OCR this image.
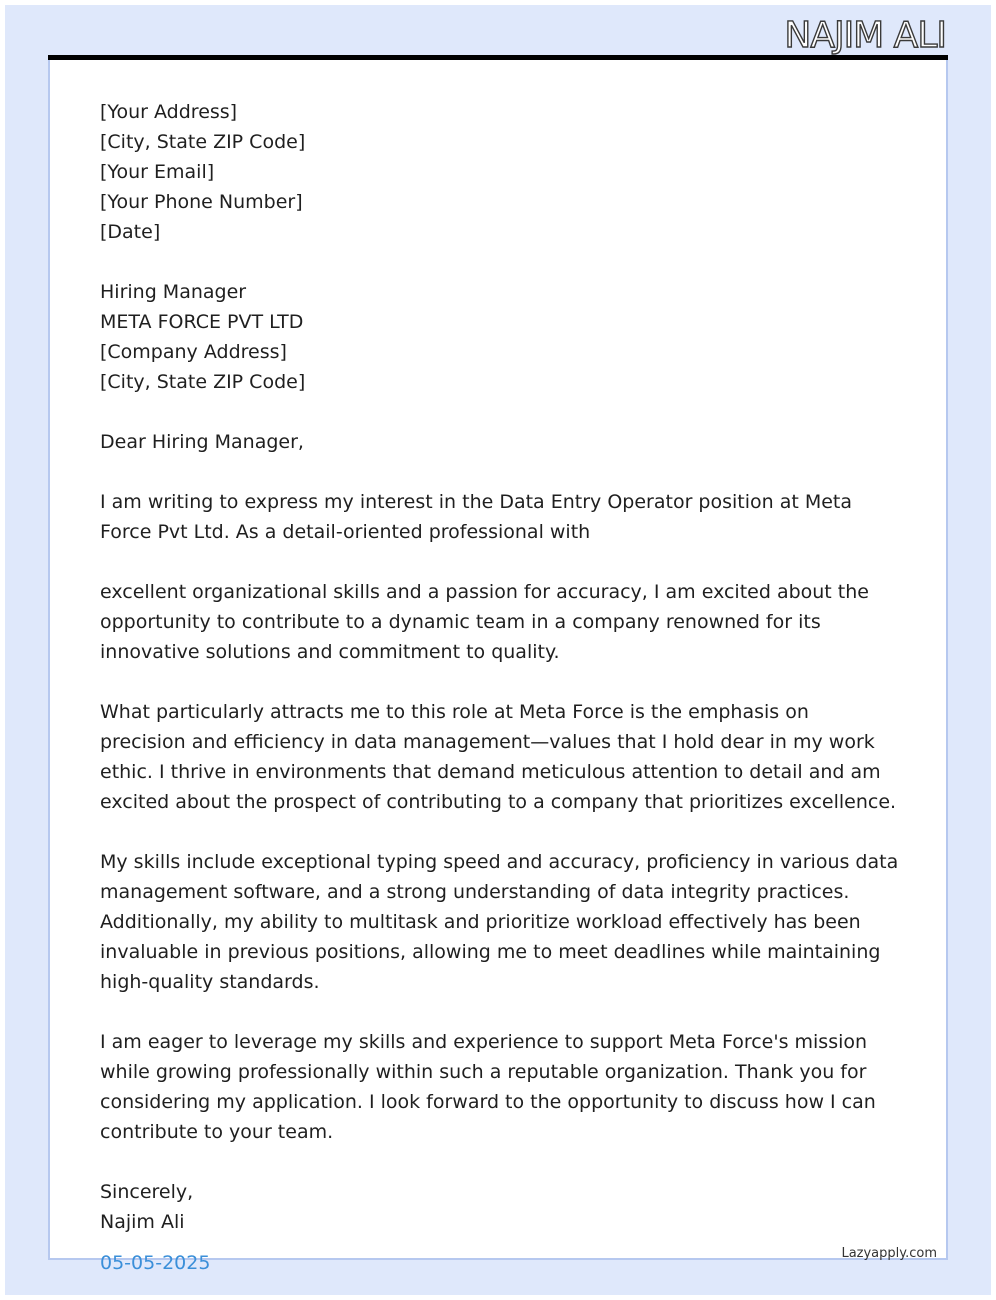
NAJIM ALI
[Your Address]
[City, State ZIP Code]
[Your Email]
[Your Phone Number]
[Date]
Hiring Manager
META FORCE PVT LTD
[Company Address]
[City, State ZIP Code]
Dear Hiring Manager,

I am writing to express my interest in the Data Entry Operator position at Meta Force Pvt Ltd. As a detail-oriented professional with

excellent organizational skills and a passion for accuracy, I am excited about the opportunity to contribute to a dynamic team in a company renowned for its innovative solutions and commitment to quality.

What particularly attracts me to this role at Meta Force is the emphasis on precision and efficiency in data management—values that I hold dear in my work ethic. I thrive in environments that demand meticulous attention to detail and am excited about the prospect of contributing to a company that prioritizes excellence.

My skills include exceptional typing speed and accuracy, proficiency in various data management software, and a strong understanding of data integrity practices. Additionally, my ability to multitask and prioritize workload effectively has been invaluable in previous positions, allowing me to meet deadlines while maintaining high-quality standards.

I am eager to leverage my skills and experience to support Meta Force's mission while growing professionally within such a reputable organization. Thank you for considering my application. I look forward to the opportunity to discuss how I can contribute to your team.

Sincerely,
Najim Ali
05-05-2025	Lazyapply.com
